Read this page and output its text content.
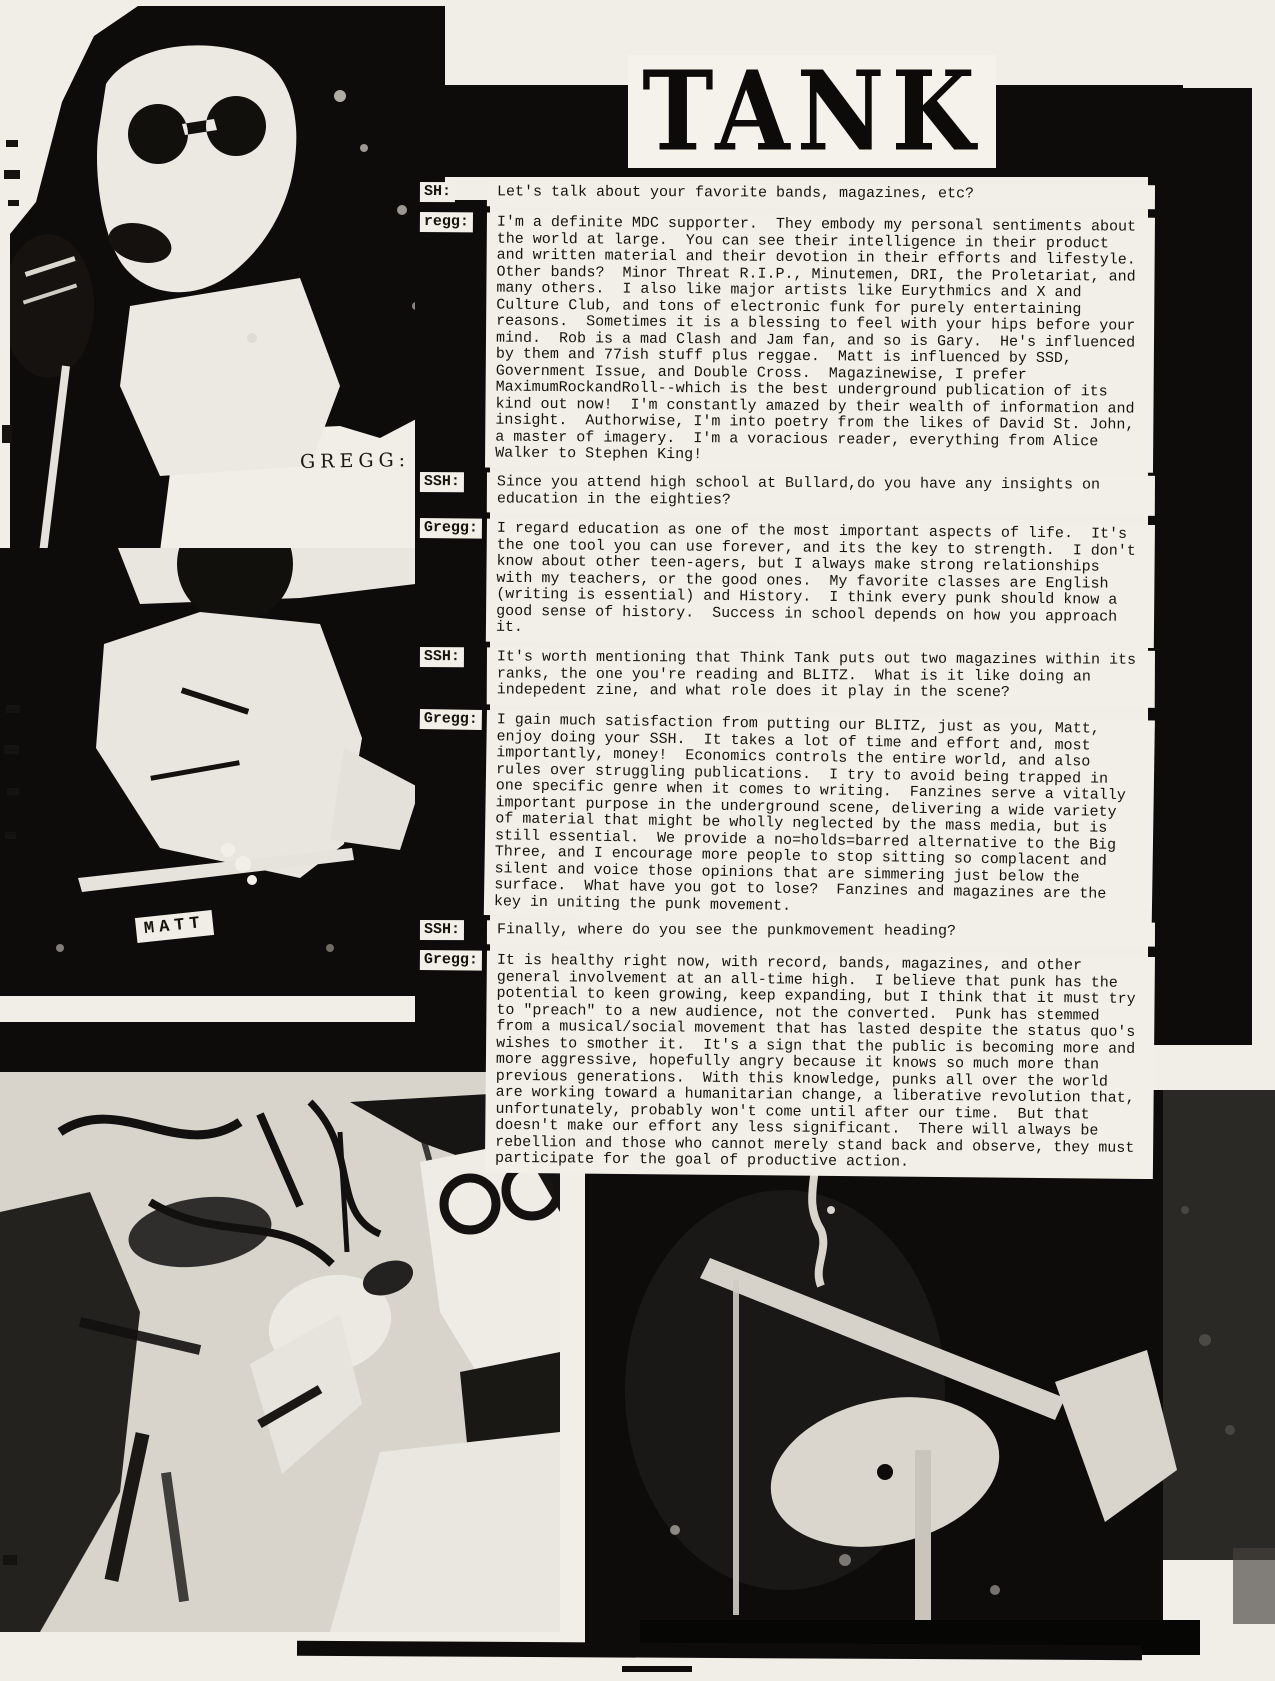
GREGG:
MATT
TANK
SH:	Let's talk about your favorite bands, magazines, etc?
regg:	I'm a definite MDC supporter.  They embody my personal sentiments about the world at large.  You can see their intelligence in their product and written material and their devotion in their efforts and lifestyle.  Other bands?  Minor Threat R.I.P., Minutemen, DRI, the Proletariat, and many others.  I also like major artists like Eurythmics and X and Culture Club, and tons of electronic funk for purely entertaining reasons.  Sometimes it is a blessing to feel with your hips before your mind.  Rob is a mad Clash and Jam fan, and so is Gary.  He's influenced by them and 77ish stuff plus reggae.  Matt is influenced by SSD, Government Issue, and Double Cross.  Magazinewise, I prefer MaximumRockandRoll--which is the best underground publication of its kind out now!  I'm constantly amazed by their wealth of information and insight.  Authorwise, I'm into poetry from the likes of David St. John, a master of imagery.  I'm a voracious reader, everything from Alice Walker to Stephen King!
SSH:	Since you attend high school at Bullard,do you have any insights on education in the eighties?
Gregg:	I regard education as one of the most important aspects of life.  It's the one tool you can use forever, and its the key to strength.  I don't know about other teen-agers, but I always make strong relationships with my teachers, or the good ones.  My favorite classes are English (writing is essential) and History.  I think every punk should know a good sense of history.  Success in school depends on how you approach it.
SSH:	It's worth mentioning that Think Tank puts out two magazines within its ranks, the one you're reading and BLITZ.  What is it like doing an indepedent zine, and what role does it play in the scene?
Gregg:	I gain much satisfaction from putting our BLITZ, just as you, Matt, enjoy doing your SSH.  It takes a lot of time and effort and, most importantly, money!  Economics controls the entire world, and also rules over struggling publications.  I try to avoid being trapped in one specific genre when it comes to writing.  Fanzines serve a vitally important purpose in the underground scene, delivering a wide variety of material that might be wholly neglected by the mass media, but is still essential.  We provide a no=holds=barred alternative to the Big Three, and I encourage more people to stop sitting so complacent and silent and voice those opinions that are simmering just below the surface.  What have you got to lose?  Fanzines and magazines are the key in uniting the punk movement.
SSH:	Finally, where do you see the punkmovement heading?
Gregg:	It is healthy right now, with record, bands, magazines, and other general involvement at an all-time high.  I believe that punk has the potential to keen growing, keep expanding, but I think that it must try to "preach" to a new audience, not the converted.  Punk has stemmed from a musical/social movement that has lasted despite the status quo's wishes to smother it.  It's a sign that the public is becoming more and more aggressive, hopefully angry because it knows so much more than previous generations.  With this knowledge, punks all over the world are working toward a humanitarian change, a liberative revolution that, unfortunately, probably won't come until after our time.  But that doesn't make our effort any less significant.  There will always be rebellion and those who cannot merely stand back and observe, they must participate for the goal of productive action.
